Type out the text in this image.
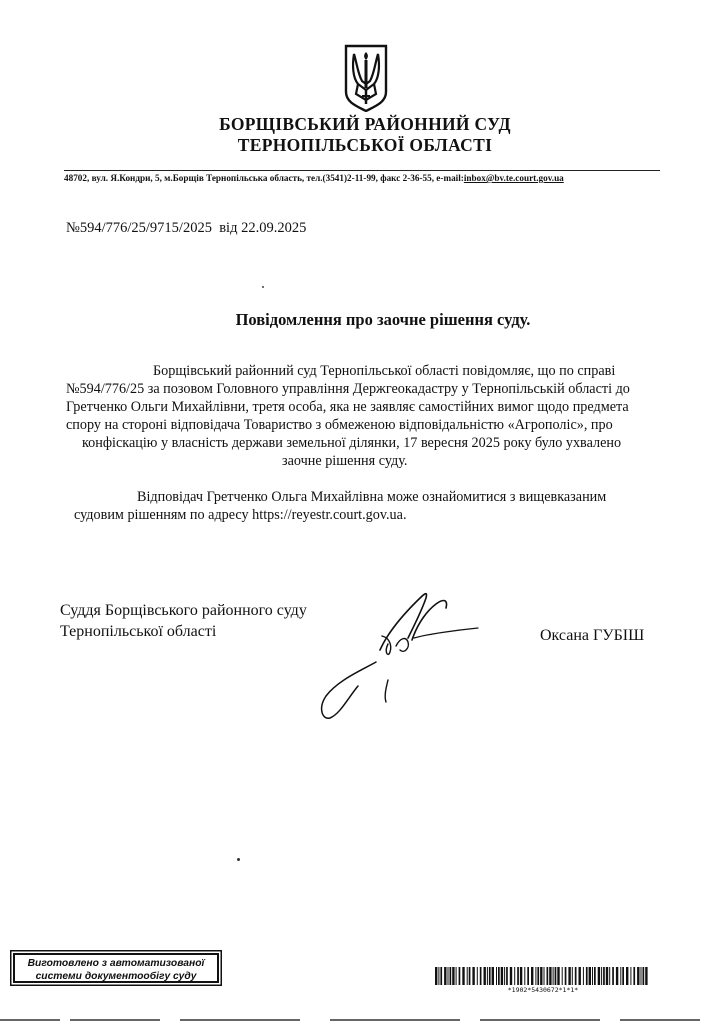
БОРЩІВСЬКИЙ РАЙОННИЙ СУД
ТЕРНОПІЛЬСЬКОЇ ОБЛАСТІ
48702, вул. Я.Кондри, 5, м.Борщів Тернопільська область, тел.(3541)2-11-99, факс 2-36-55, e-mail:inbox@bv.te.court.gov.ua
№594/776/25/9715/2025 від 22.09.2025
Повідомлення про заочне рішення суду.
Борщівський районний суд Тернопільської області повідомляє, що по справі
№594/776/25 за позовом Головного управління Держгеокадастру у Тернопільській області до
Гретченко Ольги Михайлівни, третя особа, яка не заявляє самостійних вимог щодо предмета
спору на стороні відповідача Товариство з обмеженою відповідальністю «Агрополіс», про
конфіскацію у власність держави земельної ділянки, 17 вересня 2025 року було ухвалено
заочне рішення суду.
Відповідач Гретченко Ольга Михайлівна може ознайомитися з вищевказаним
судовим рішенням по адресу https://reyestr.court.gov.ua.
Суддя Борщівського районного суду
Тернопільської області	Оксана ГУБІШ
Виготовлено з автоматизованої
системи документообігу суду
*1902*5430672*1*1*
